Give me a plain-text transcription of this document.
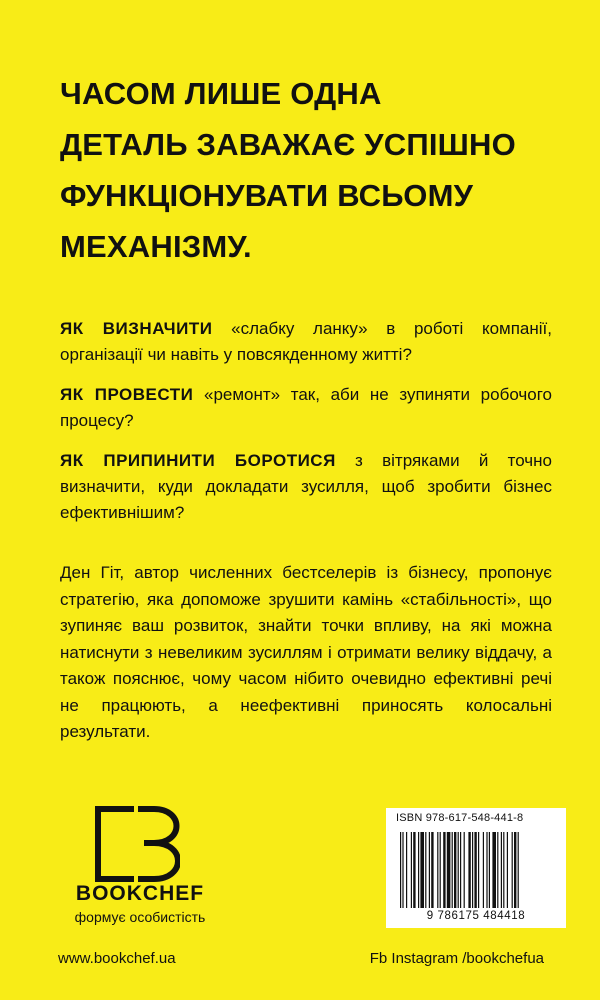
ЧАСОМ ЛИШЕ ОДНА
ДЕТАЛЬ ЗАВАЖАЄ УСПІШНО
ФУНКЦІОНУВАТИ ВСЬОМУ
МЕХАНІЗМУ.

ЯК ВИЗНАЧИТИ «слабку ланку» в роботі компанії, організації чи навіть у повсякденному житті?

ЯК ПРОВЕСТИ «ремонт» так, аби не зупиняти робочого процесу?

ЯК ПРИПИНИТИ БОРОТИСЯ з вітряками й точно визначити, куди докладати зусилля, щоб зробити бізнес ефективнішим?

Ден Гіт, автор численних бестселерів із бізнесу, пропонує стратегію, яка допоможе зрушити камінь «стабільності», що зупиняє ваш розвиток, знайти точки впливу, на які можна натиснути з невеликим зусиллям і отримати велику віддачу, а також пояснює, чому часом нібито очевидно ефективні речі не працюють, а неефективні приносять колосальні результати.

BOOKCHEF
формує особистість
ISBN 978-617-548-441-8
9 786175 484418
www.bookchef.ua	Fb Instagram /bookchefua
